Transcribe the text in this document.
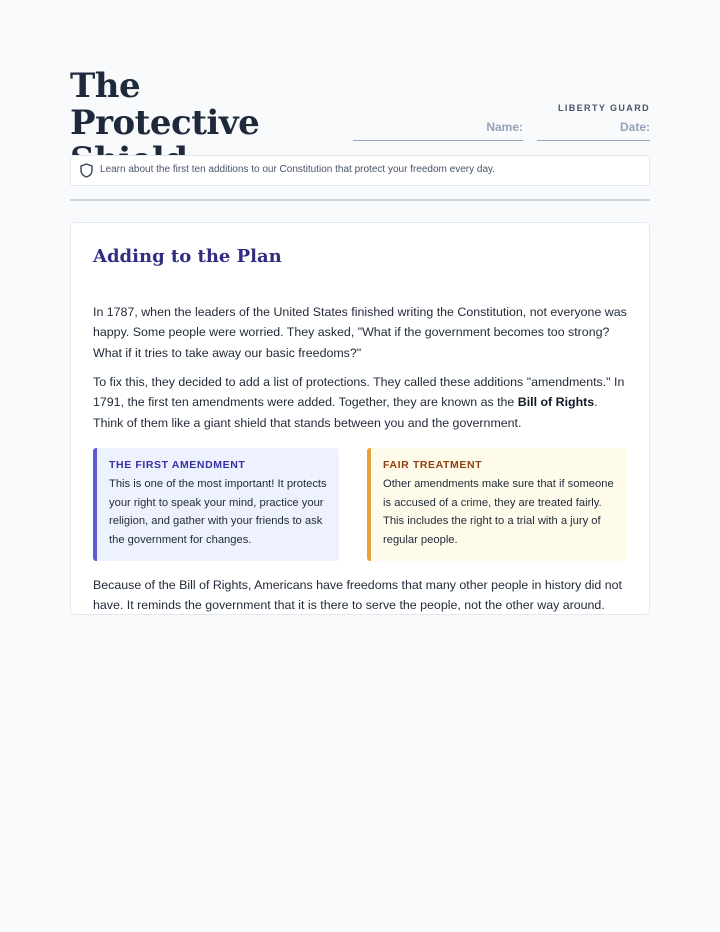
The Protective	LIBERTY GUARD
Name:	Date:
Learn about the first ten additions to our Constitution that protect your freedom every day.
Adding to the Plan

In 1787, when the leaders of the United States finished writing the Constitution, not everyone was happy. Some people were worried. They asked, "What if the government becomes too strong? What if it tries to take away our basic freedoms?"

To fix this, they decided to add a list of protections. They called these additions "amendments." In 1791, the first ten amendments were added. Together, they are known as the Bill of Rights. Think of them like a giant shield that stands between you and the government.

THE FIRST AMENDMENT

This is one of the most important! It protects your right to speak your mind, practice your religion, and gather with your friends to ask the government for changes.

FAIR TREATMENT

Other amendments make sure that if someone is accused of a crime, they are treated fairly. This includes the right to a trial with a jury of regular people.

Because of the Bill of Rights, Americans have freedoms that many other people in history did not have. It reminds the government that it is there to serve the people, not the other way around.
